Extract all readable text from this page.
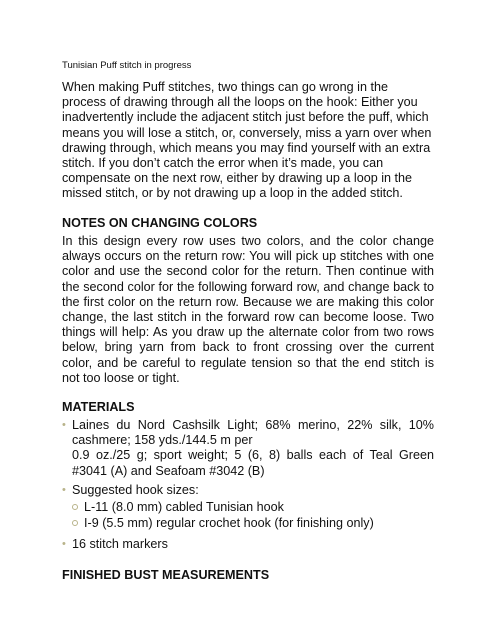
Tunisian Puff stitch in progress

When making Puff stitches, two things can go wrong in the process of drawing through all the loops on the hook: Either you inadvertently include the adjacent stitch just before the puff, which means you will lose a stitch, or, conversely, miss a yarn over when drawing through, which means you may find yourself with an extra stitch. If you don’t catch the error when it’s made, you can compensate on the next row, either by drawing up a loop in the missed stitch, or by not drawing up a loop in the added stitch.

NOTES ON CHANGING COLORS

In this design every row uses two colors, and the color change always occurs on the return row: You will pick up stitches with one color and use the second color for the return. Then continue with the second color for the following forward row, and change back to the first color on the return row. Because we are making this color change, the last stitch in the forward row can become loose. Two things will help: As you draw up the alternate color from two rows below, bring yarn from back to front crossing over the current color, and be careful to regulate tension so that the end stitch is not too loose or tight.

MATERIALS
• Laines du Nord Cashsilk Light; 68% merino, 22% silk, 10% cashmere; 158 yds./144.5 m per
0.9 oz./25 g; sport weight; 5 (6, 8) balls each of Teal Green #3041 (A) and Seafoam #3042 (B)
• Suggested hook sizes:
L-11 (8.0 mm) cabled Tunisian hook
I-9 (5.5 mm) regular crochet hook (for finishing only)
• 16 stitch markers
FINISHED BUST MEASUREMENTS
